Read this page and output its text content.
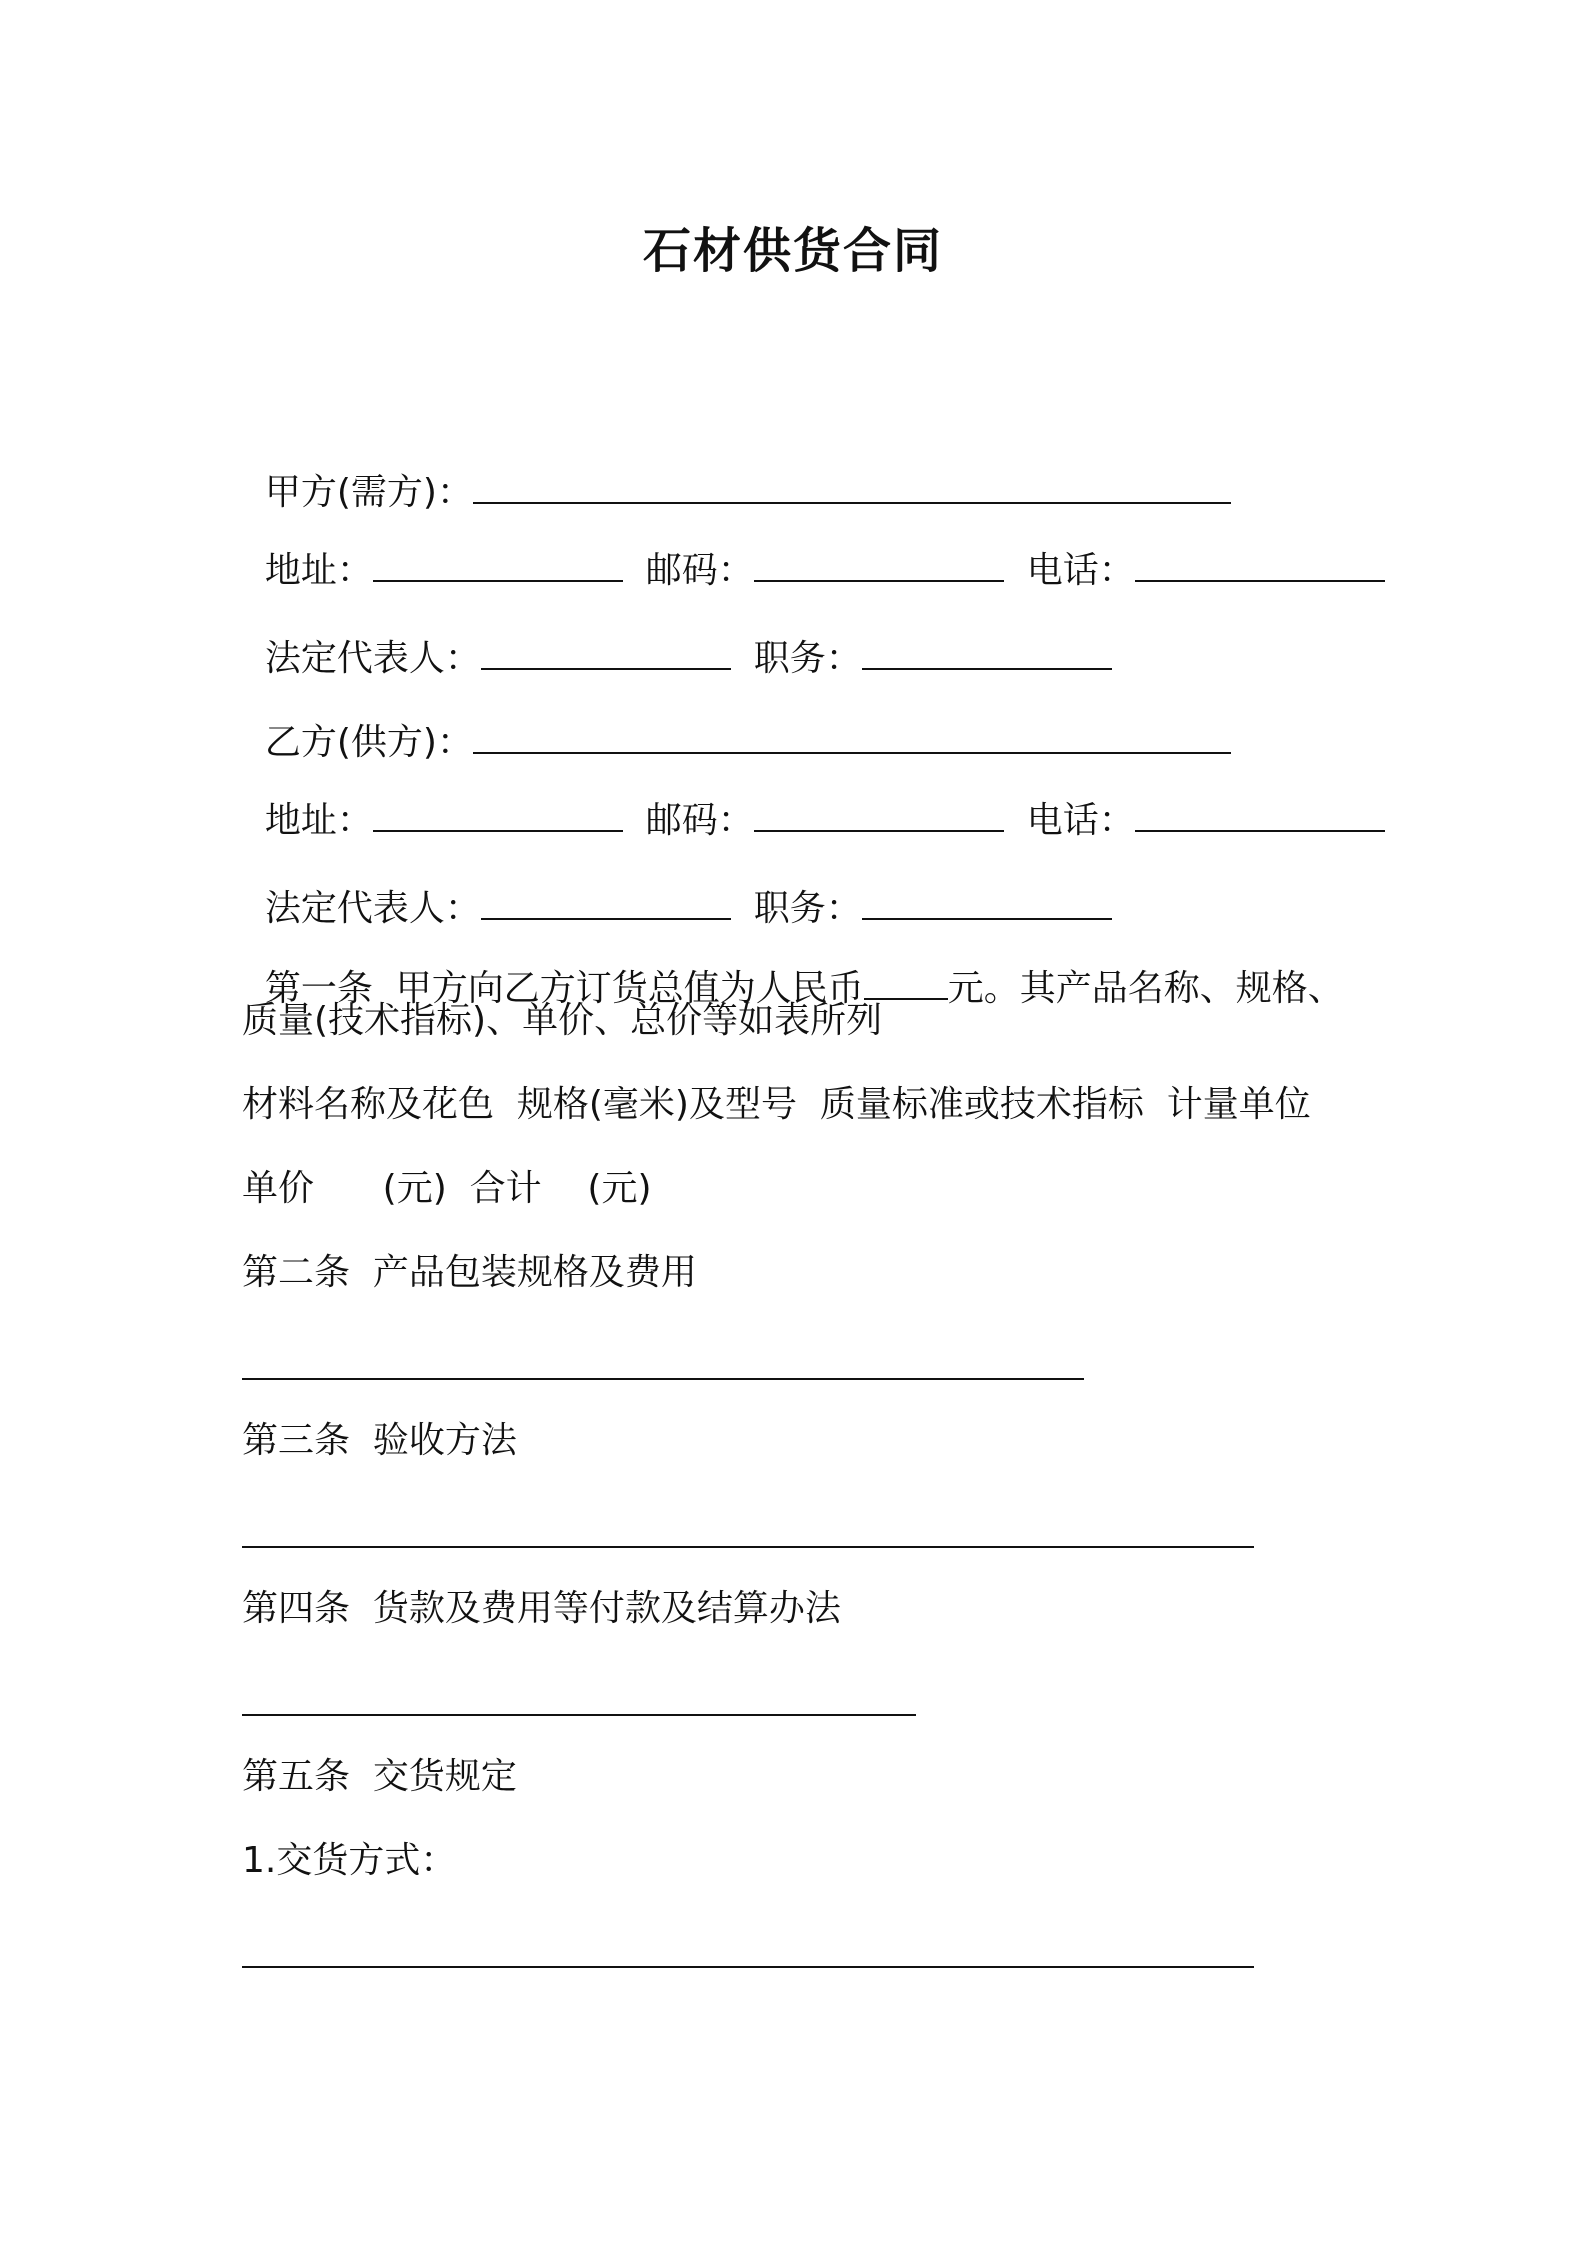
石材供货合同

甲方(需方)：

地址：	邮码：	电话：

法定代表人：	职务：

乙方(供方)：

地址：	邮码：	电话：

法定代表人：	职务：

第一条  甲方向乙方订货总值为人民币 元。其产品名称、规格、

质量(技术指标)、单价、总价等如表所列
材料名称及花色  规格(毫米)及型号  质量标准或技术指标  计量单位
单价      (元)  合计    (元)
第二条  产品包装规格及费用
第三条  验收方法
第四条  货款及费用等付款及结算办法
第五条  交货规定
1.交货方式：
